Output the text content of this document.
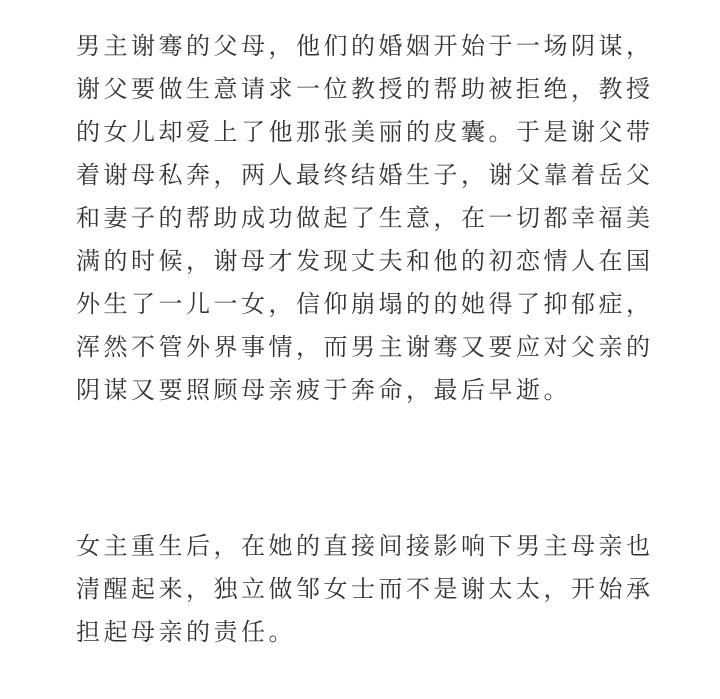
男主谢骞的父母，他们的婚姻开始于一场阴谋，
谢父要做生意请求一位教授的帮助被拒绝，教授
的女儿却爱上了他那张美丽的皮囊。于是谢父带
着谢母私奔，两人最终结婚生子，谢父靠着岳父
和妻子的帮助成功做起了生意，在一切都幸福美
满的时候，谢母才发现丈夫和他的初恋情人在国
外生了一儿一女，信仰崩塌的的她得了抑郁症，
浑然不管外界事情，而男主谢骞又要应对父亲的
阴谋又要照顾母亲疲于奔命，最后早逝。
女主重生后，在她的直接间接影响下男主母亲也
清醒起来，独立做邹女士而不是谢太太，开始承
担起母亲的责任。
